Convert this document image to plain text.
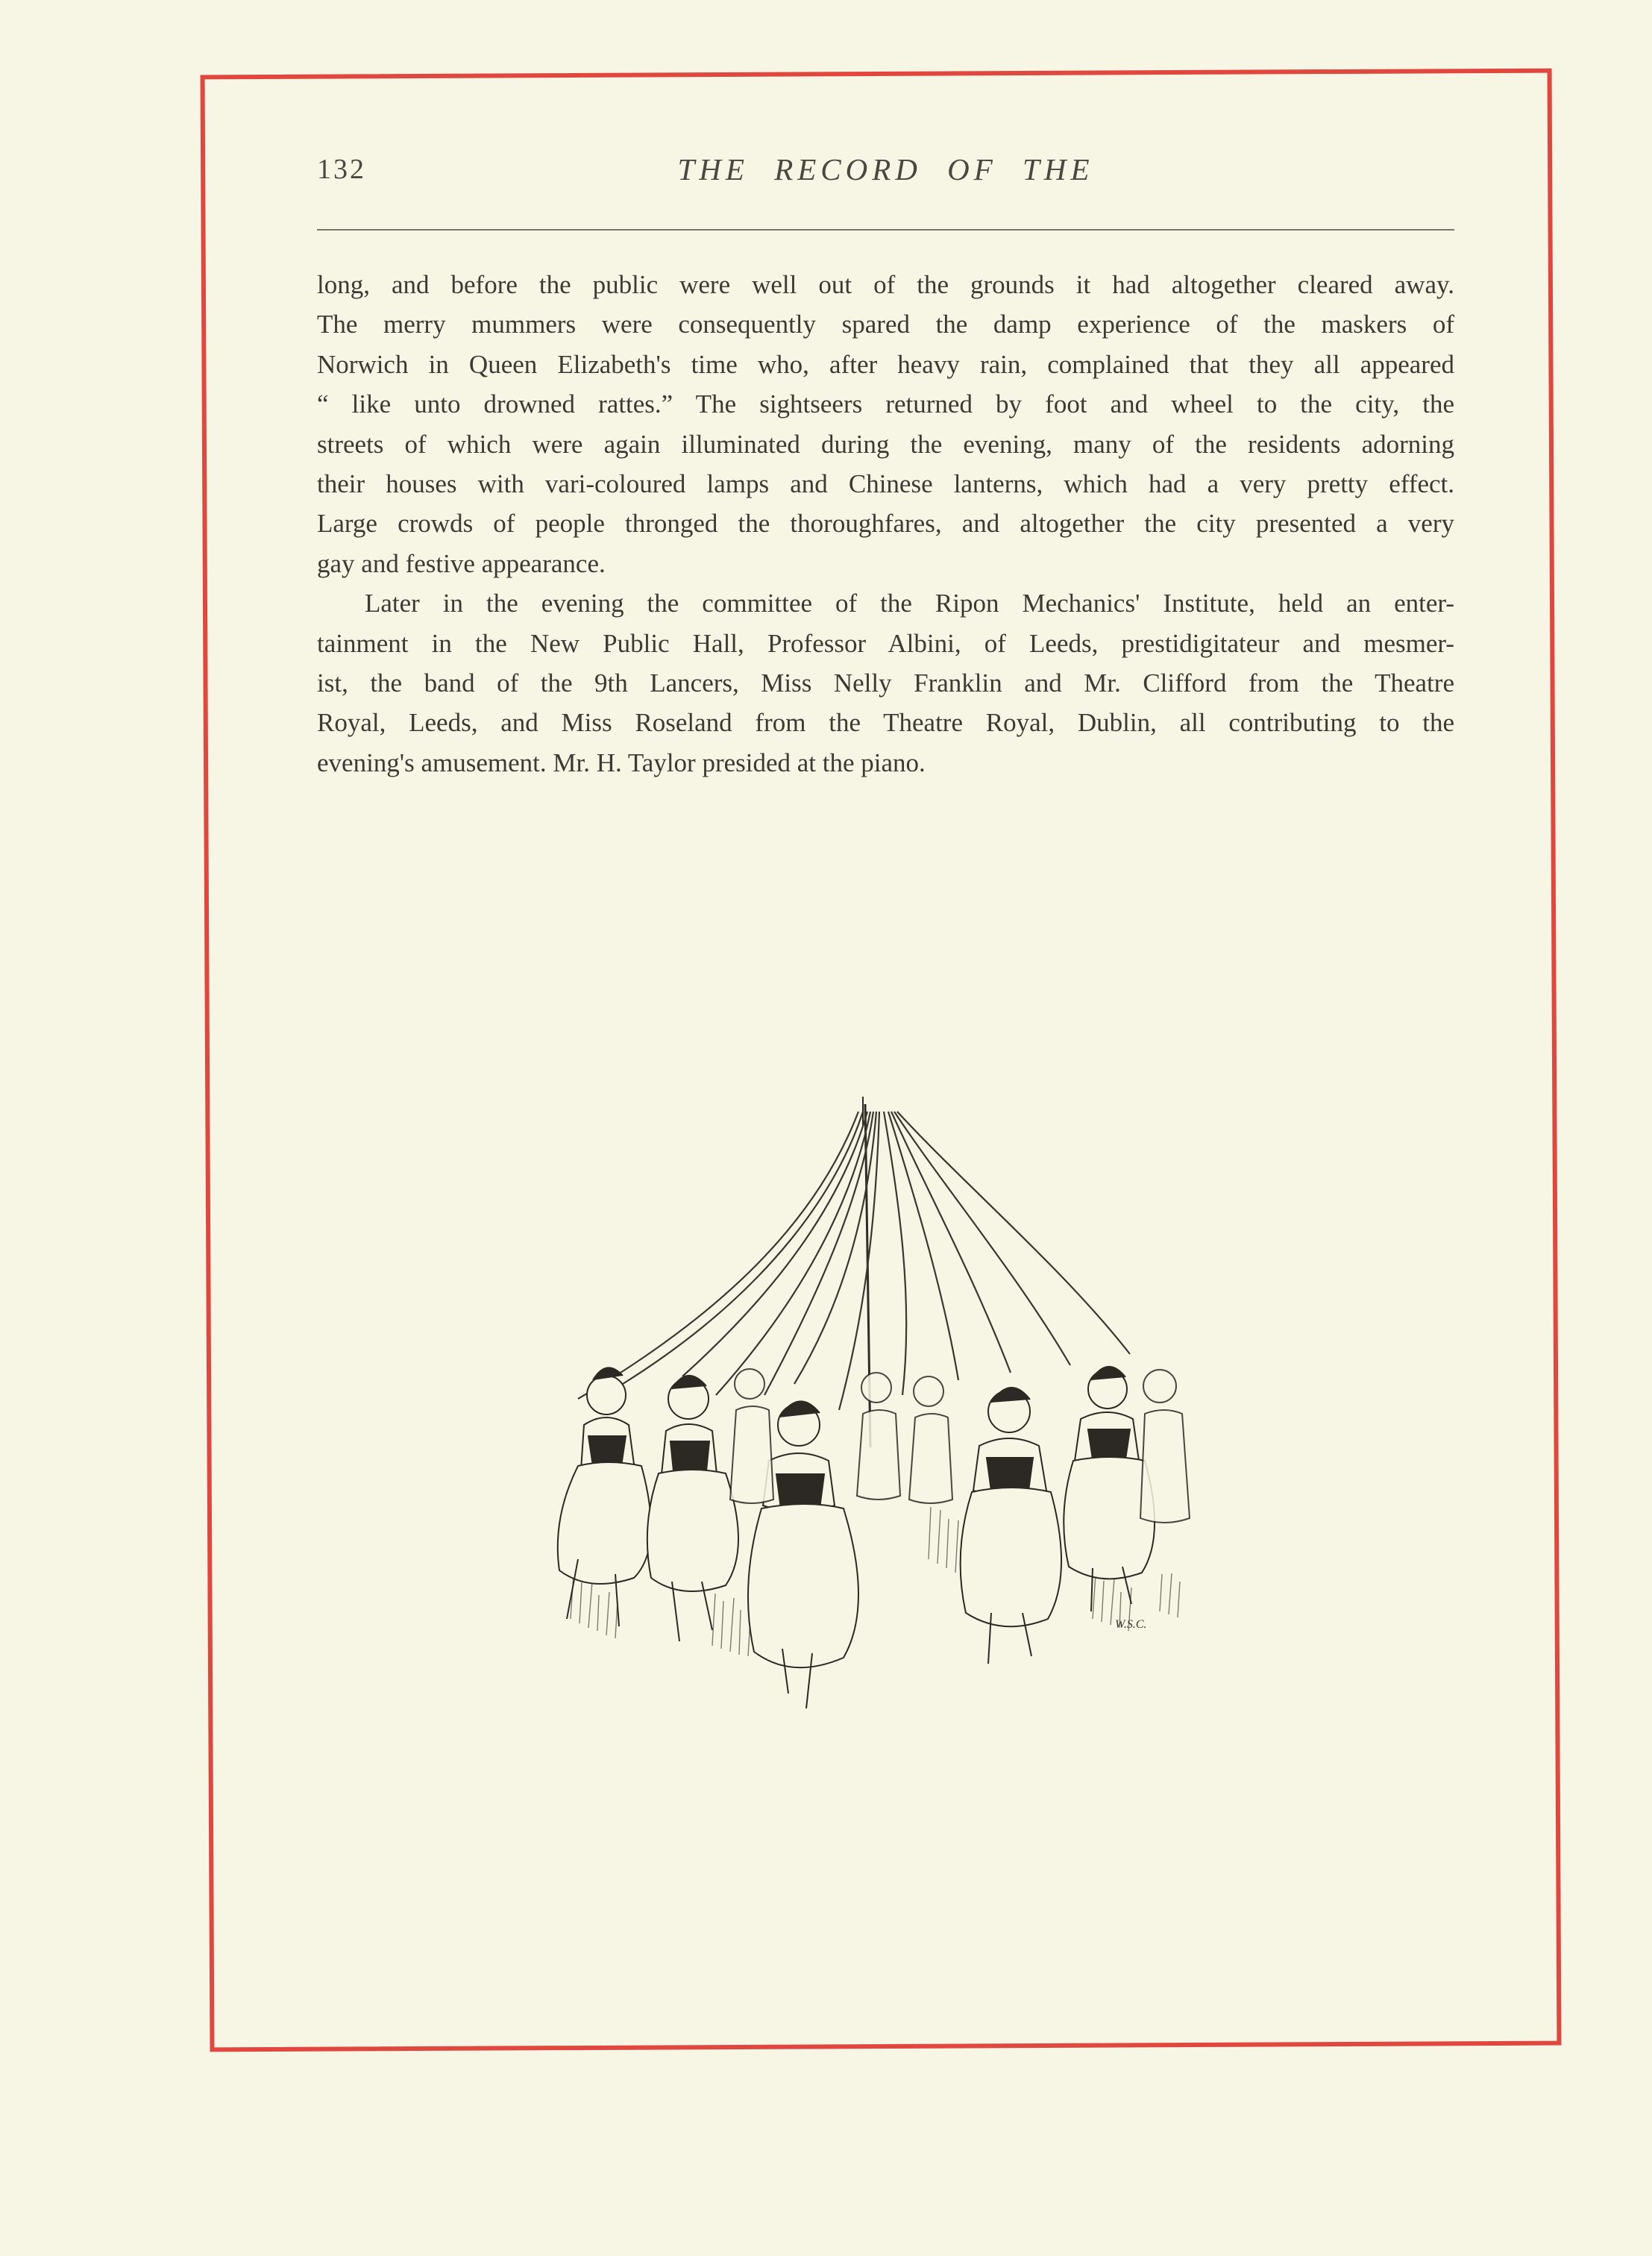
132	THE RECORD OF THE
long, and before the public were well out of the grounds it had altogether cleared away.
The merry mummers were consequently spared the damp experience of the maskers of
Norwich in Queen Elizabeth's time who, after heavy rain, complained that they all appeared
“ like unto drowned rattes.” The sightseers returned by foot and wheel to the city, the
streets of which were again illuminated during the evening, many of the residents adorning
their houses with vari-coloured lamps and Chinese lanterns, which had a very pretty effect.
Large crowds of people thronged the thoroughfares, and altogether the city presented a very
gay and festive appearance.
Later in the evening the committee of the Ripon Mechanics' Institute, held an enter-
tainment in the New Public Hall, Professor Albini, of Leeds, prestidigitateur and mesmer-
ist, the band of the 9th Lancers, Miss Nelly Franklin and Mr. Clifford from the Theatre
Royal, Leeds, and Miss Roseland from the Theatre Royal, Dublin, all contributing to the
evening's amusement. Mr. H. Taylor presided at the piano.
W.S.C.
